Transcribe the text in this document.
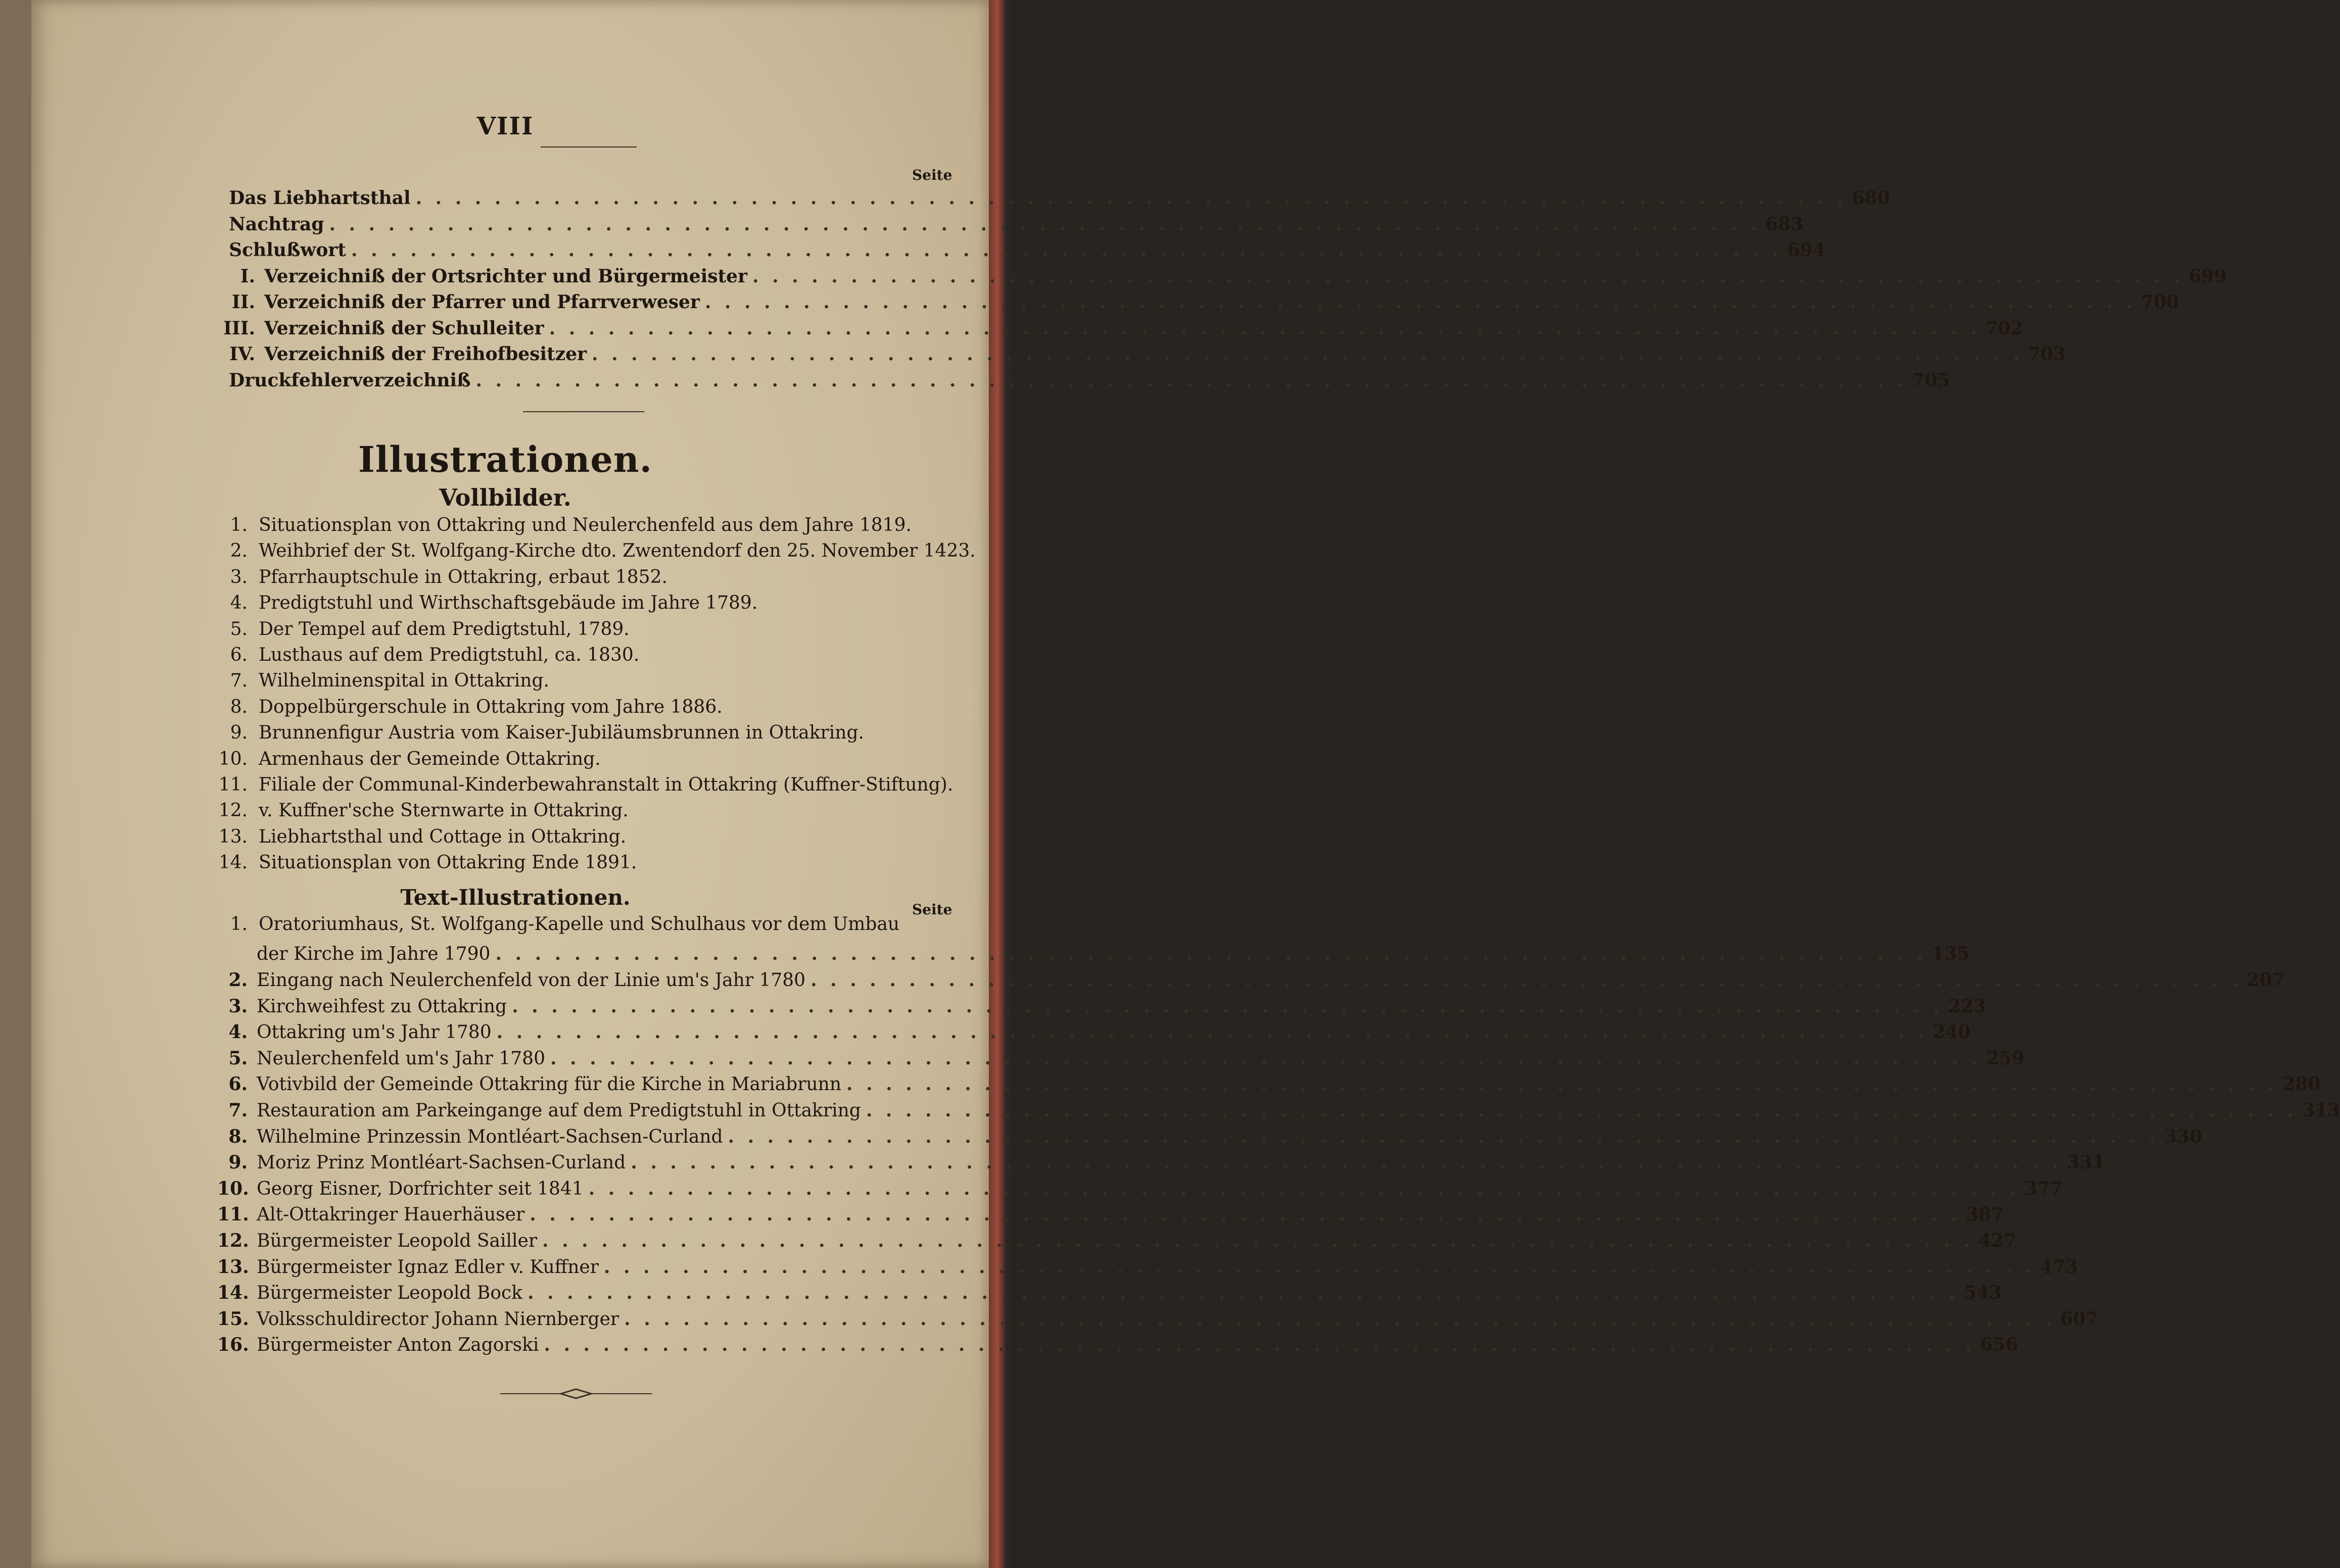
VIII
Seite
Das Liebhartsthal . . . . . . . . . . . . . . . . . . . . . . . . . . . . . . . . . . . . . . . . . . . . . . . . . . . . . . . . . . . . . . . . . . . . . . . . . 680
Nachtrag . . . . . . . . . . . . . . . . . . . . . . . . . . . . . . . . . . . . . . . . . . . . . . . . . . . . . . . . . . . . . . . . . . . . . . . . . 683
Schlußwort . . . . . . . . . . . . . . . . . . . . . . . . . . . . . . . . . . . . . . . . . . . . . . . . . . . . . . . . . . . . . . . . . . . . . . . . . 694
I. Verzeichniß der Ortsrichter und Bürgermeister . . . . . . . . . . . . . . . . . . . . . . . . . . . . . . . . . . . . . . . . . . . . . . . . . . . . . . . . . . . . . . . . . . . . . . . . . 699
II. Verzeichniß der Pfarrer und Pfarrverweser . . . . . . . . . . . . . . . . . . . . . . . . . . . . . . . . . . . . . . . . . . . . . . . . . . . . . . . . . . . . . . . . . . . . . . . . . 700
III. Verzeichniß der Schulleiter . . . . . . . . . . . . . . . . . . . . . . . . . . . . . . . . . . . . . . . . . . . . . . . . . . . . . . . . . . . . . . . . . . . . . . . . . 702
IV. Verzeichniß der Freihofbesitzer . . . . . . . . . . . . . . . . . . . . . . . . . . . . . . . . . . . . . . . . . . . . . . . . . . . . . . . . . . . . . . . . . . . . . . . . . 703
Druckfehlerverzeichniß . . . . . . . . . . . . . . . . . . . . . . . . . . . . . . . . . . . . . . . . . . . . . . . . . . . . . . . . . . . . . . . . . . . . . . . . . 705
Illustrationen.
Vollbilder.
1. Situationsplan von Ottakring und Neulerchenfeld aus dem Jahre 1819.
2. Weihbrief der St. Wolfgang-Kirche dto. Zwentendorf den 25. November 1423.
3. Pfarrhauptschule in Ottakring, erbaut 1852.
4. Predigtstuhl und Wirthschaftsgebäude im Jahre 1789.
5. Der Tempel auf dem Predigtstuhl, 1789.
6. Lusthaus auf dem Predigtstuhl, ca. 1830.
7. Wilhelminenspital in Ottakring.
8. Doppelbürgerschule in Ottakring vom Jahre 1886.
9. Brunnenfigur Austria vom Kaiser-Jubiläumsbrunnen in Ottakring.
10. Armenhaus der Gemeinde Ottakring.
11. Filiale der Communal-Kinderbewahranstalt in Ottakring (Kuffner-Stiftung).
12. v. Kuffner'sche Sternwarte in Ottakring.
13. Liebhartsthal und Cottage in Ottakring.
14. Situationsplan von Ottakring Ende 1891.
Text-Illustrationen.	Seite
1. Oratoriumhaus, St. Wolfgang-Kapelle und Schulhaus vor dem Umbau
der Kirche im Jahre 1790 . . . . . . . . . . . . . . . . . . . . . . . . . . . . . . . . . . . . . . . . . . . . . . . . . . . . . . . . . . . . . . . . . . . . . . . . . 135
2. Eingang nach Neulerchenfeld von der Linie um's Jahr 1780 . . . . . . . . . . . . . . . . . . . . . . . . . . . . . . . . . . . . . . . . . . . . . . . . . . . . . . . . . . . . . . . . . . . . . . . . . 207
3. Kirchweihfest zu Ottakring . . . . . . . . . . . . . . . . . . . . . . . . . . . . . . . . . . . . . . . . . . . . . . . . . . . . . . . . . . . . . . . . . . . . . . . . . 223
4. Ottakring um's Jahr 1780 . . . . . . . . . . . . . . . . . . . . . . . . . . . . . . . . . . . . . . . . . . . . . . . . . . . . . . . . . . . . . . . . . . . . . . . . . 240
5. Neulerchenfeld um's Jahr 1780 . . . . . . . . . . . . . . . . . . . . . . . . . . . . . . . . . . . . . . . . . . . . . . . . . . . . . . . . . . . . . . . . . . . . . . . . . 259
6. Votivbild der Gemeinde Ottakring für die Kirche in Mariabrunn . . . . . . . . . . . . . . . . . . . . . . . . . . . . . . . . . . . . . . . . . . . . . . . . . . . . . . . . . . . . . . . . . . . . . . . . . 280
7. Restauration am Parkeingange auf dem Predigtstuhl in Ottakring . . . . . . . . . . . . . . . . . . . . . . . . . . . . . . . . . . . . . . . . . . . . . . . . . . . . . . . . . . . . . . . . . . . . . . . . . 313
8. Wilhelmine Prinzessin Montléart-Sachsen-Curland . . . . . . . . . . . . . . . . . . . . . . . . . . . . . . . . . . . . . . . . . . . . . . . . . . . . . . . . . . . . . . . . . . . . . . . . . 330
9. Moriz Prinz Montléart-Sachsen-Curland . . . . . . . . . . . . . . . . . . . . . . . . . . . . . . . . . . . . . . . . . . . . . . . . . . . . . . . . . . . . . . . . . . . . . . . . . 331
10. Georg Eisner, Dorfrichter seit 1841 . . . . . . . . . . . . . . . . . . . . . . . . . . . . . . . . . . . . . . . . . . . . . . . . . . . . . . . . . . . . . . . . . . . . . . . . . 377
11. Alt-Ottakringer Hauerhäuser . . . . . . . . . . . . . . . . . . . . . . . . . . . . . . . . . . . . . . . . . . . . . . . . . . . . . . . . . . . . . . . . . . . . . . . . . 387
12. Bürgermeister Leopold Sailler . . . . . . . . . . . . . . . . . . . . . . . . . . . . . . . . . . . . . . . . . . . . . . . . . . . . . . . . . . . . . . . . . . . . . . . . . 427
13. Bürgermeister Ignaz Edler v. Kuffner . . . . . . . . . . . . . . . . . . . . . . . . . . . . . . . . . . . . . . . . . . . . . . . . . . . . . . . . . . . . . . . . . . . . . . . . . 473
14. Bürgermeister Leopold Bock . . . . . . . . . . . . . . . . . . . . . . . . . . . . . . . . . . . . . . . . . . . . . . . . . . . . . . . . . . . . . . . . . . . . . . . . . 543
15. Volksschuldirector Johann Niernberger . . . . . . . . . . . . . . . . . . . . . . . . . . . . . . . . . . . . . . . . . . . . . . . . . . . . . . . . . . . . . . . . . . . . . . . . . 607
16. Bürgermeister Anton Zagorski . . . . . . . . . . . . . . . . . . . . . . . . . . . . . . . . . . . . . . . . . . . . . . . . . . . . . . . . . . . . . . . . . . . . . . . . . 656
